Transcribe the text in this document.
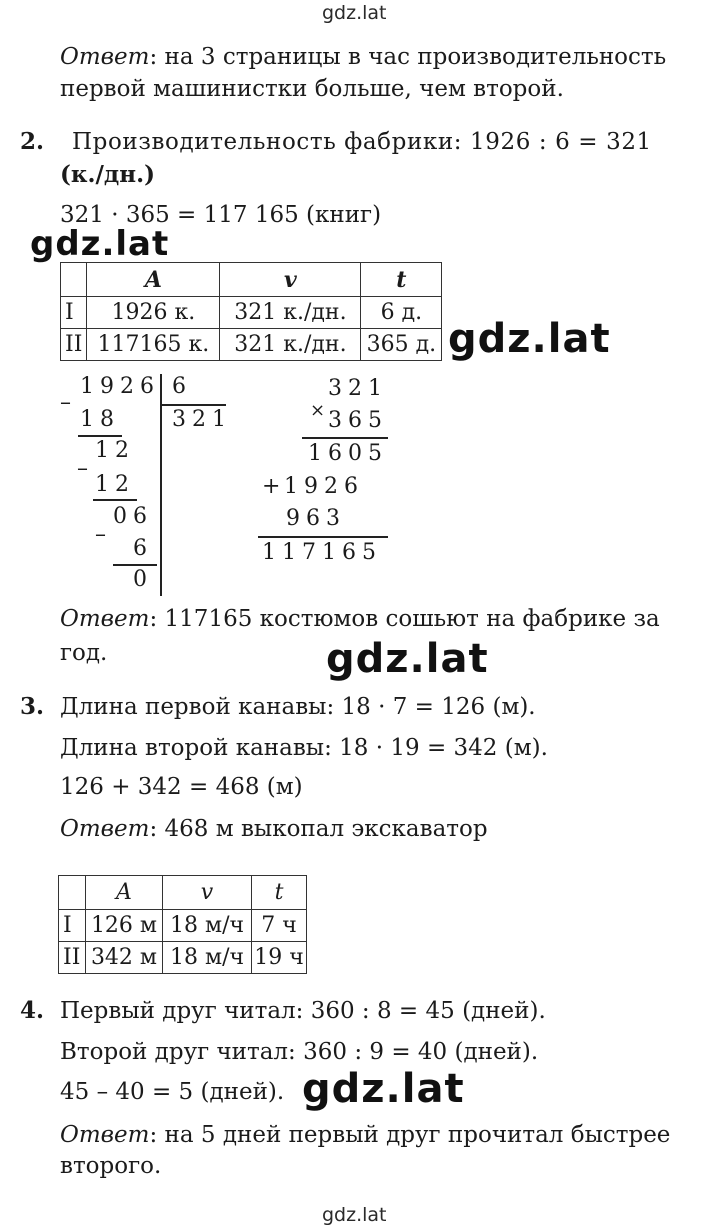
gdz.lat
Ответ: на 3 страницы в час производительность
первой машинистки больше, чем второй.
2. Производительность фабрики: 1926 : 6 = 321
(к./дн.)
321 · 365 = 117 165 (книг)
gdz.lat
	A	v	t
I	1926 к.	321 к./дн.	6 д.
II	117165 к.	321 к./дн.	365 д. gdz.lat
1926 6
321
–
18
12
–
12
06
–
6
0
321
×
365
1605
+
1926
963
117165
Ответ: 117165 костюмов сошьют на фабрике за
год.	gdz.lat
3. Длина первой канавы: 18 · 7 = 126 (м).
Длина второй канавы: 18 · 19 = 342 (м).
126 + 342 = 468 (м)
Ответ: 468 м выкопал экскаватор
	A	v	t
I	126 м	18 м/ч	7 ч
II	342 м	18 м/ч	19 ч
4. Первый друг читал: 360 : 8 = 45 (дней).
Второй друг читал: 360 : 9 = 40 (дней).
45 – 40 = 5 (дней). gdz.lat
Ответ: на 5 дней первый друг прочитал быстрее
второго.
gdz.lat
